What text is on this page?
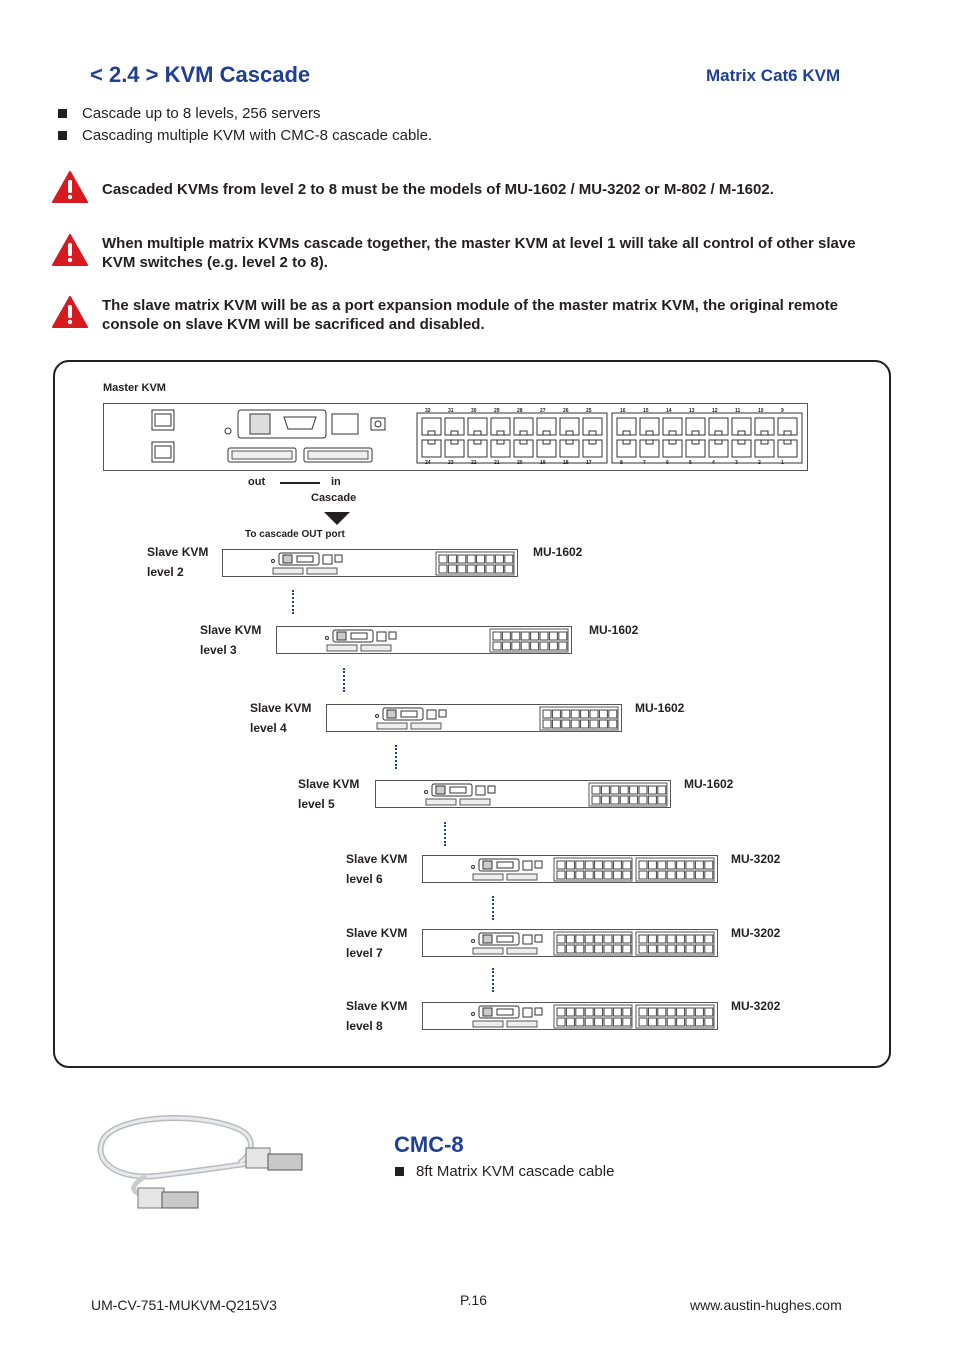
< 2.4 > KVM Cascade	Matrix Cat6 KVM
Cascade up to 8 levels, 256 servers
Cascading multiple KVM with CMC-8 cascade cable.
Cascaded KVMs from level 2 to 8 must be the models of MU-1602 / MU-3202 or M-802 / M-1602.
When multiple matrix KVMs cascade together, the master KVM at level 1 will take all control of other slave KVM switches (e.g. level 2 to 8).
The slave matrix KVM will be as a port expansion module of the master matrix KVM, the original remote console on slave KVM will be sacrificed and disabled.
Master KVM
32
24
31
23
30
22
29
21
28
20
27
19
26
18
25
17
16
8
15
7
14
6
13
5
12
4
11
3
10
2
9
1
out	in
Cascade
To cascade OUT port
Slave KVM
level 2
MU-1602
Slave KVM
level 3
MU-1602
Slave KVM
level 4
MU-1602
Slave KVM
level 5
MU-1602
Slave KVM
level 6
MU-3202
Slave KVM
level 7
MU-3202
Slave KVM
level 8
MU-3202
CMC-8
8ft Matrix KVM cascade cable
UM-CV-751-MUKVM-Q215V3	P.16	www.austin-hughes.com
